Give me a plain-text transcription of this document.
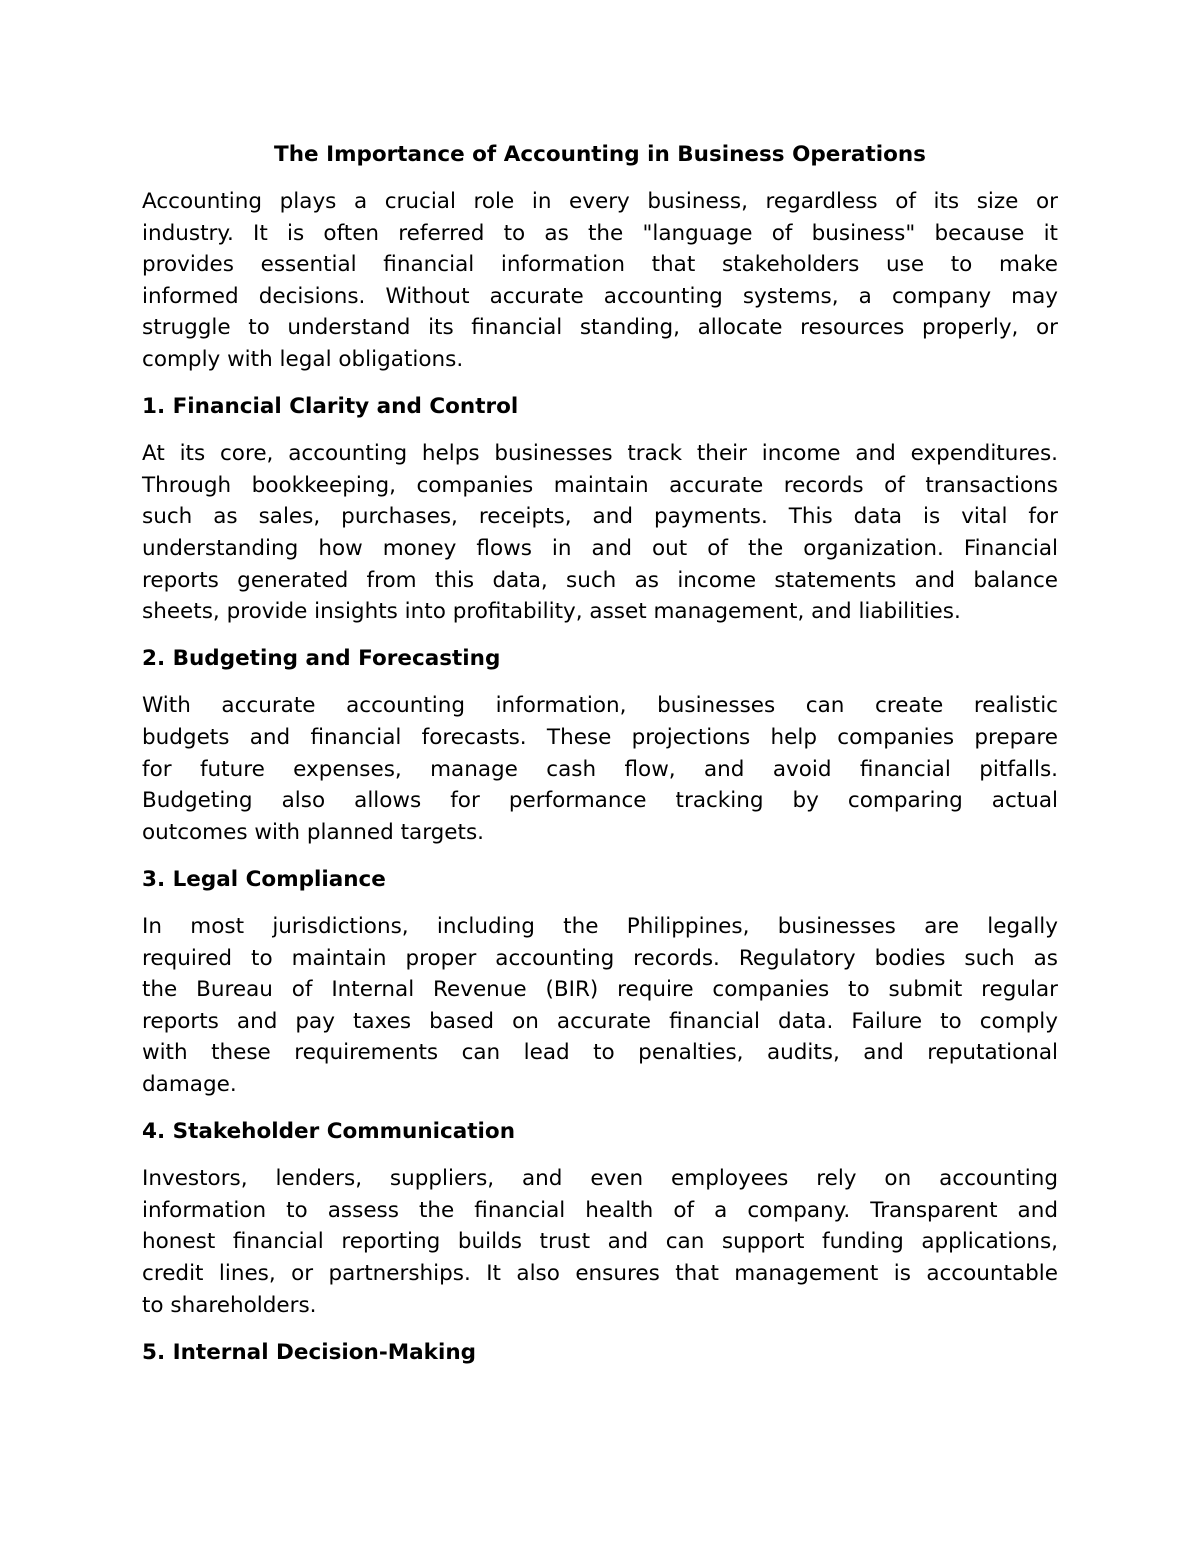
The Importance of Accounting in Business Operations
Accounting plays a crucial role in every business, regardless of its size or
industry. It is often referred to as the "language of business" because it
provides essential financial information that stakeholders use to make
informed decisions. Without accurate accounting systems, a company may
struggle to understand its financial standing, allocate resources properly, or
comply with legal obligations.
1. Financial Clarity and Control
At its core, accounting helps businesses track their income and expenditures.
Through bookkeeping, companies maintain accurate records of transactions
such as sales, purchases, receipts, and payments. This data is vital for
understanding how money flows in and out of the organization. Financial
reports generated from this data, such as income statements and balance
sheets, provide insights into profitability, asset management, and liabilities.
2. Budgeting and Forecasting
With accurate accounting information, businesses can create realistic
budgets and financial forecasts. These projections help companies prepare
for future expenses, manage cash flow, and avoid financial pitfalls.
Budgeting also allows for performance tracking by comparing actual
outcomes with planned targets.
3. Legal Compliance
In most jurisdictions, including the Philippines, businesses are legally
required to maintain proper accounting records. Regulatory bodies such as
the Bureau of Internal Revenue (BIR) require companies to submit regular
reports and pay taxes based on accurate financial data. Failure to comply
with these requirements can lead to penalties, audits, and reputational
damage.
4. Stakeholder Communication
Investors, lenders, suppliers, and even employees rely on accounting
information to assess the financial health of a company. Transparent and
honest financial reporting builds trust and can support funding applications,
credit lines, or partnerships. It also ensures that management is accountable
to shareholders.
5. Internal Decision-Making
